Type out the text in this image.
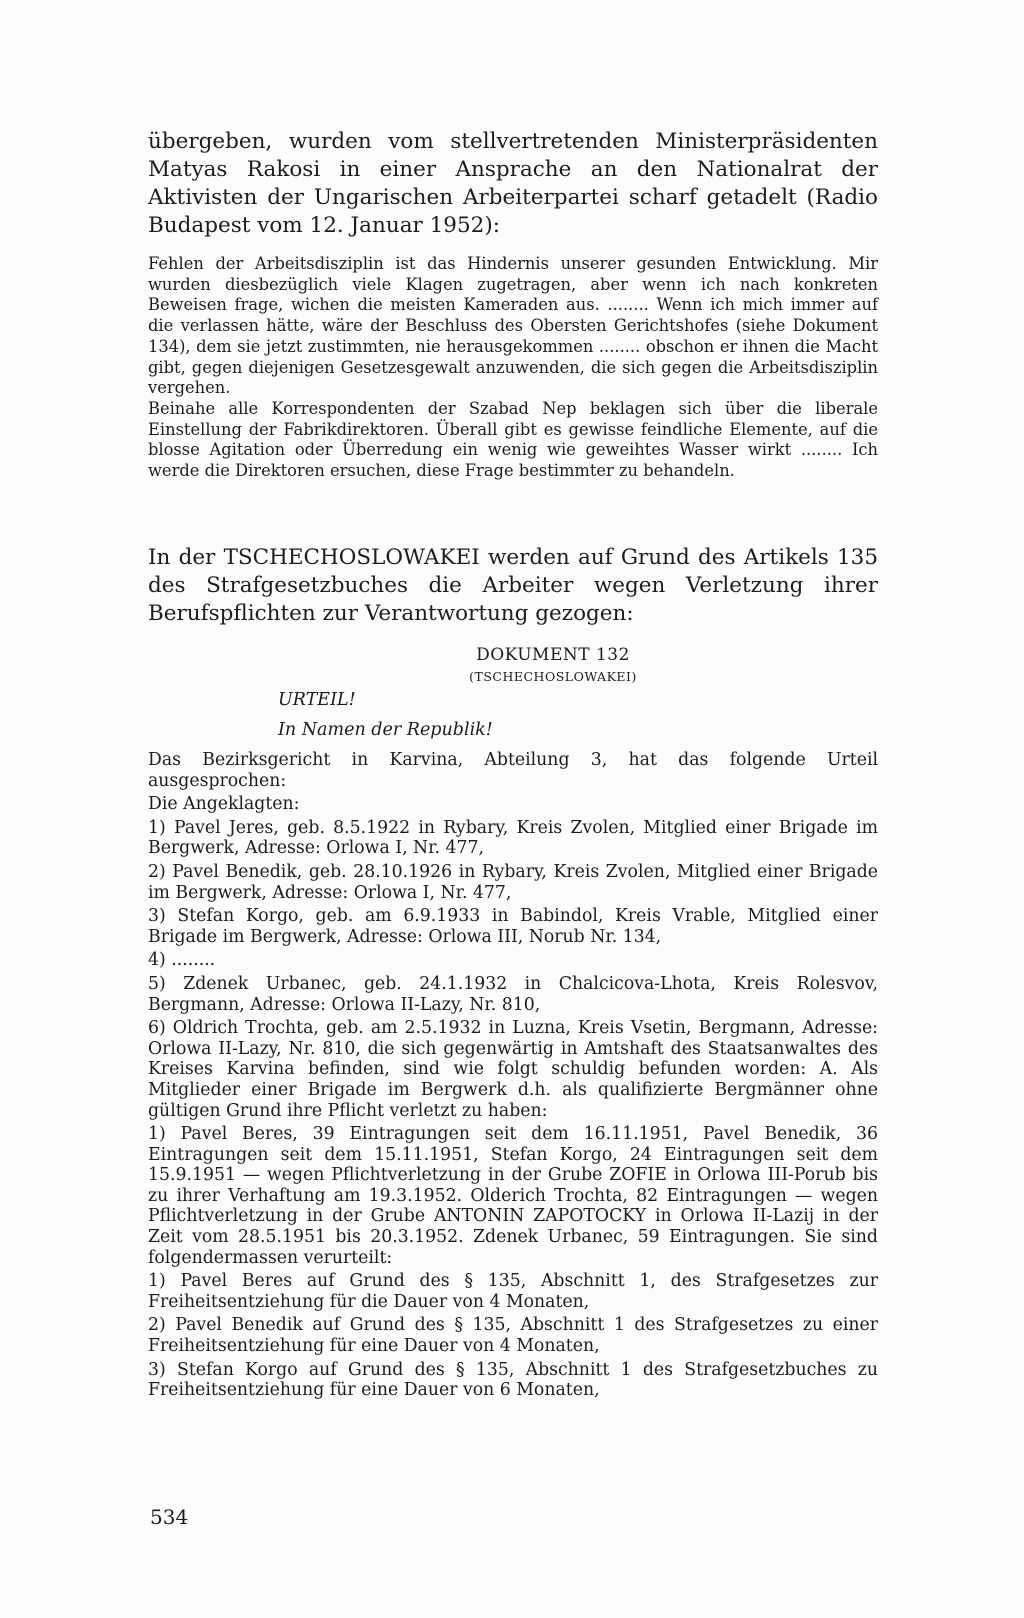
übergeben, wurden vom stellvertretenden Ministerpräsidenten Matyas Rakosi in einer Ansprache an den Nationalrat der Aktivisten der Ungarischen Arbeiterpartei scharf getadelt (Radio Budapest vom 12. Januar 1952):

Fehlen der Arbeitsdisziplin ist das Hindernis unserer gesunden Entwicklung. Mir wurden diesbezüglich viele Klagen zugetragen, aber wenn ich nach konkreten Beweisen frage, wichen die meisten Kameraden aus. ........ Wenn ich mich immer auf die verlassen hätte, wäre der Beschluss des Obersten Gerichtshofes (siehe Dokument 134), dem sie jetzt zustimmten, nie herausgekommen ........ obschon er ihnen die Macht gibt, gegen diejenigen Gesetzesgewalt anzuwenden, die sich gegen die Arbeitsdisziplin vergehen.

Beinahe alle Korrespondenten der Szabad Nep beklagen sich über die liberale Einstellung der Fabrikdirektoren. Überall gibt es gewisse feindliche Elemente, auf die blosse Agitation oder Überredung ein wenig wie geweihtes Wasser wirkt ........ Ich werde die Direktoren ersuchen, diese Frage bestimmter zu behandeln.

In der TSCHECHOSLOWAKEI werden auf Grund des Artikels 135 des Strafgesetzbuches die Arbeiter wegen Verletzung ihrer Berufspflichten zur Verantwortung gezogen:

DOKUMENT 132
(TSCHECHOSLOWAKEI)
URTEIL!
In Namen der Republik!

Das Bezirksgericht in Karvina, Abteilung 3, hat das folgende Urteil ausgesprochen:

Die Angeklagten:

1) Pavel Jeres, geb. 8.5.1922 in Rybary, Kreis Zvolen, Mitglied einer Brigade im Bergwerk, Adresse: Orlowa I, Nr. 477,

2) Pavel Benedik, geb. 28.10.1926 in Rybary, Kreis Zvolen, Mitglied einer Brigade im Bergwerk, Adresse: Orlowa I, Nr. 477,

3) Stefan Korgo, geb. am 6.9.1933 in Babindol, Kreis Vrable, Mitglied einer Brigade im Bergwerk, Adresse: Orlowa III, Norub Nr. 134,

4) ........

5) Zdenek Urbanec, geb. 24.1.1932 in Chalcicova-Lhota, Kreis Rolesvov, Bergmann, Adresse: Orlowa II-Lazy, Nr. 810,

6) Oldrich Trochta, geb. am 2.5.1932 in Luzna, Kreis Vsetin, Bergmann, Adresse: Orlowa II-Lazy, Nr. 810, die sich gegenwärtig in Amtshaft des Staatsanwaltes des Kreises Karvina befinden, sind wie folgt schuldig befunden worden: A. Als Mitglieder einer Brigade im Bergwerk d.h. als qualifizierte Bergmänner ohne gültigen Grund ihre Pflicht verletzt zu haben:

1) Pavel Beres, 39 Eintragungen seit dem 16.11.1951, Pavel Benedik, 36 Eintragungen seit dem 15.11.1951, Stefan Korgo, 24 Eintragungen seit dem 15.9.1951 — wegen Pflichtverletzung in der Grube ZOFIE in Orlowa III-Porub bis zu ihrer Verhaftung am 19.3.1952. Olderich Trochta, 82 Eintragungen — wegen Pflichtverletzung in der Grube ANTONIN ZAPOTOCKY in Orlowa II-Lazij in der Zeit vom 28.5.1951 bis 20.3.1952. Zdenek Urbanec, 59 Eintragungen. Sie sind folgendermassen verurteilt:

1) Pavel Beres auf Grund des § 135, Abschnitt 1, des Strafgesetzes zur Freiheitsentziehung für die Dauer von 4 Monaten,

2) Pavel Benedik auf Grund des § 135, Abschnitt 1 des Strafgesetzes zu einer Freiheitsentziehung für eine Dauer von 4 Monaten,

3) Stefan Korgo auf Grund des § 135, Abschnitt 1 des Strafgesetzbuches zu Freiheitsentziehung für eine Dauer von 6 Monaten,

534
